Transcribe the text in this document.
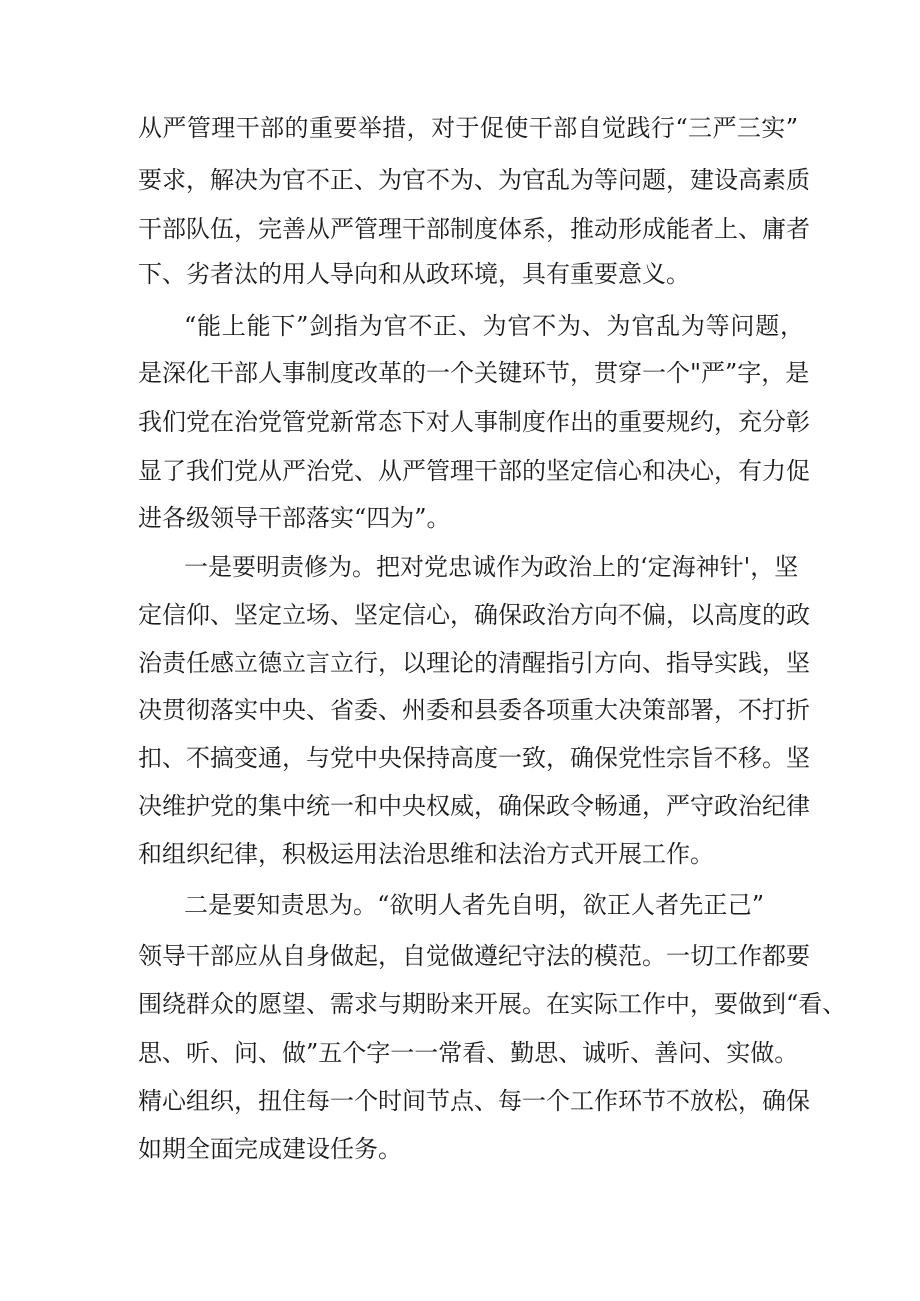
从严管理干部的重要举措，对于促使干部自觉践行“三严三实”
要求，解决为官不正、为官不为、为官乱为等问题，建设高素质
干部队伍，完善从严管理干部制度体系，推动形成能者上、庸者
下、劣者汰的用人导向和从政环境，具有重要意义。
“能上能下”剑指为官不正、为官不为、为官乱为等问题，
是深化干部人事制度改革的一个关键环节，贯穿一个"严”字，是
我们党在治党管党新常态下对人事制度作出的重要规约，充分彰
显了我们党从严治党、从严管理干部的坚定信心和决心，有力促
进各级领导干部落实“四为”。
一是要明责修为。把对党忠诚作为政治上的‘定海神针'，坚
定信仰、坚定立场、坚定信心，确保政治方向不偏，以高度的政
治责任感立德立言立行，以理论的清醒指引方向、指导实践，坚
决贯彻落实中央、省委、州委和县委各项重大决策部署，不打折
扣、不搞变通，与党中央保持高度一致，确保党性宗旨不移。坚
决维护党的集中统一和中央权威，确保政令畅通，严守政治纪律
和组织纪律，积极运用法治思维和法治方式开展工作。
二是要知责思为。“欲明人者先自明，欲正人者先正己”
领导干部应从自身做起，自觉做遵纪守法的模范。一切工作都要
围绕群众的愿望、需求与期盼来开展。在实际工作中，要做到“看、
思、听、问、做”五个字一一常看、勤思、诚听、善问、实做。
精心组织，扭住每一个时间节点、每一个工作环节不放松，确保
如期全面完成建设任务。
